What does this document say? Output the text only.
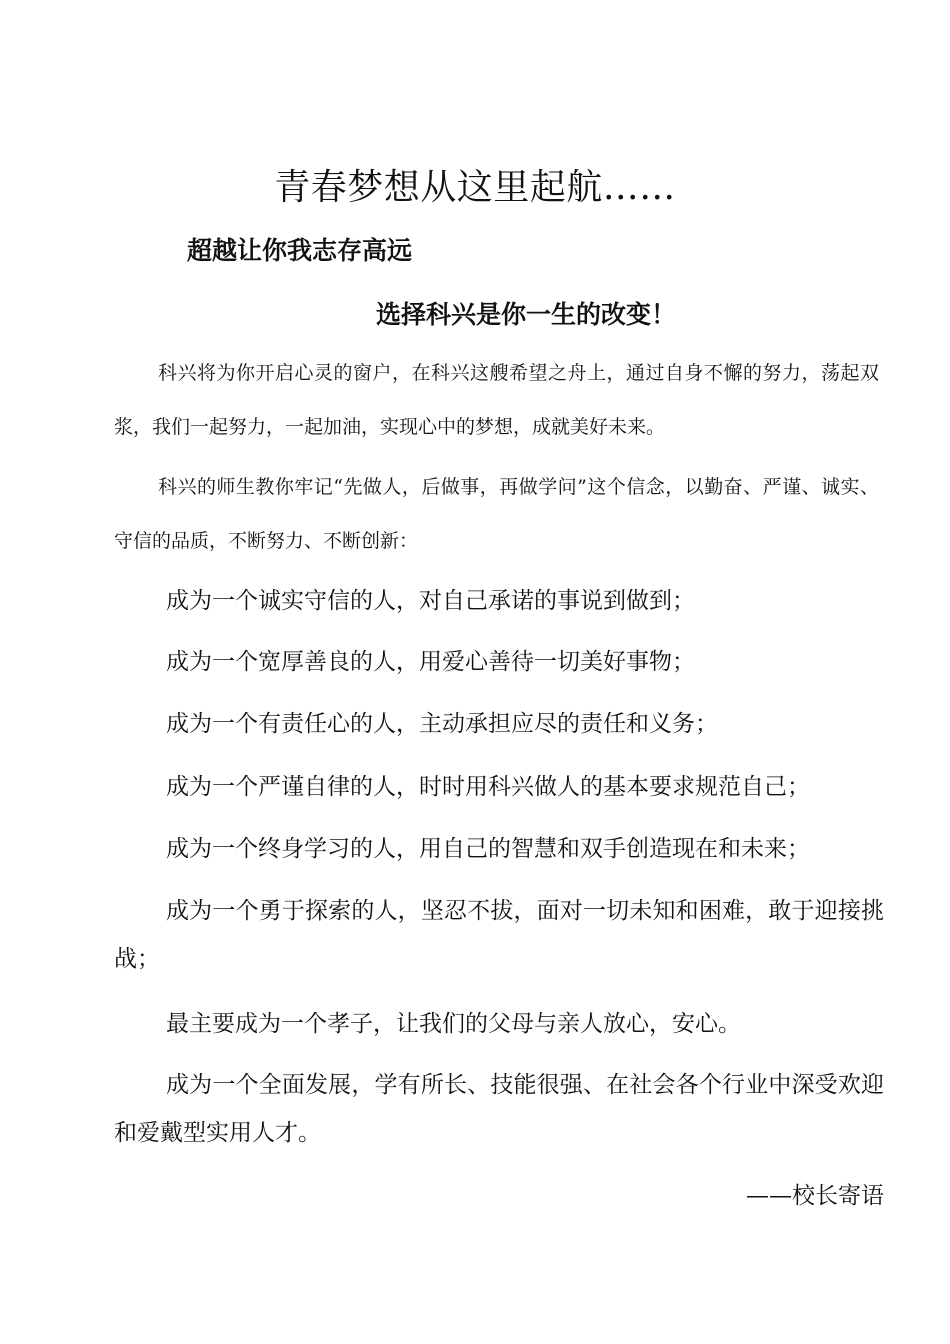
青春梦想从这里起航……
超越让你我志存高远
选择科兴是你一生的改变！

科兴将为你开启心灵的窗户，在科兴这艘希望之舟上，通过自身不懈的努力，荡起双浆，我们一起努力，一起加油，实现心中的梦想，成就美好未来。

科兴的师生教你牢记“先做人，后做事，再做学问”这个信念，以勤奋、严谨、诚实、守信的品质，不断努力、不断创新：

成为一个诚实守信的人，对自己承诺的事说到做到；

成为一个宽厚善良的人，用爱心善待一切美好事物；

成为一个有责任心的人，主动承担应尽的责任和义务；

成为一个严谨自律的人，时时用科兴做人的基本要求规范自己；

成为一个终身学习的人，用自己的智慧和双手创造现在和未来；

成为一个勇于探索的人，坚忍不拔，面对一切未知和困难，敢于迎接挑战；

最主要成为一个孝子，让我们的父母与亲人放心，安心。

成为一个全面发展，学有所长、技能很强、在社会各个行业中深受欢迎和爱戴型实用人才。

——校长寄语
